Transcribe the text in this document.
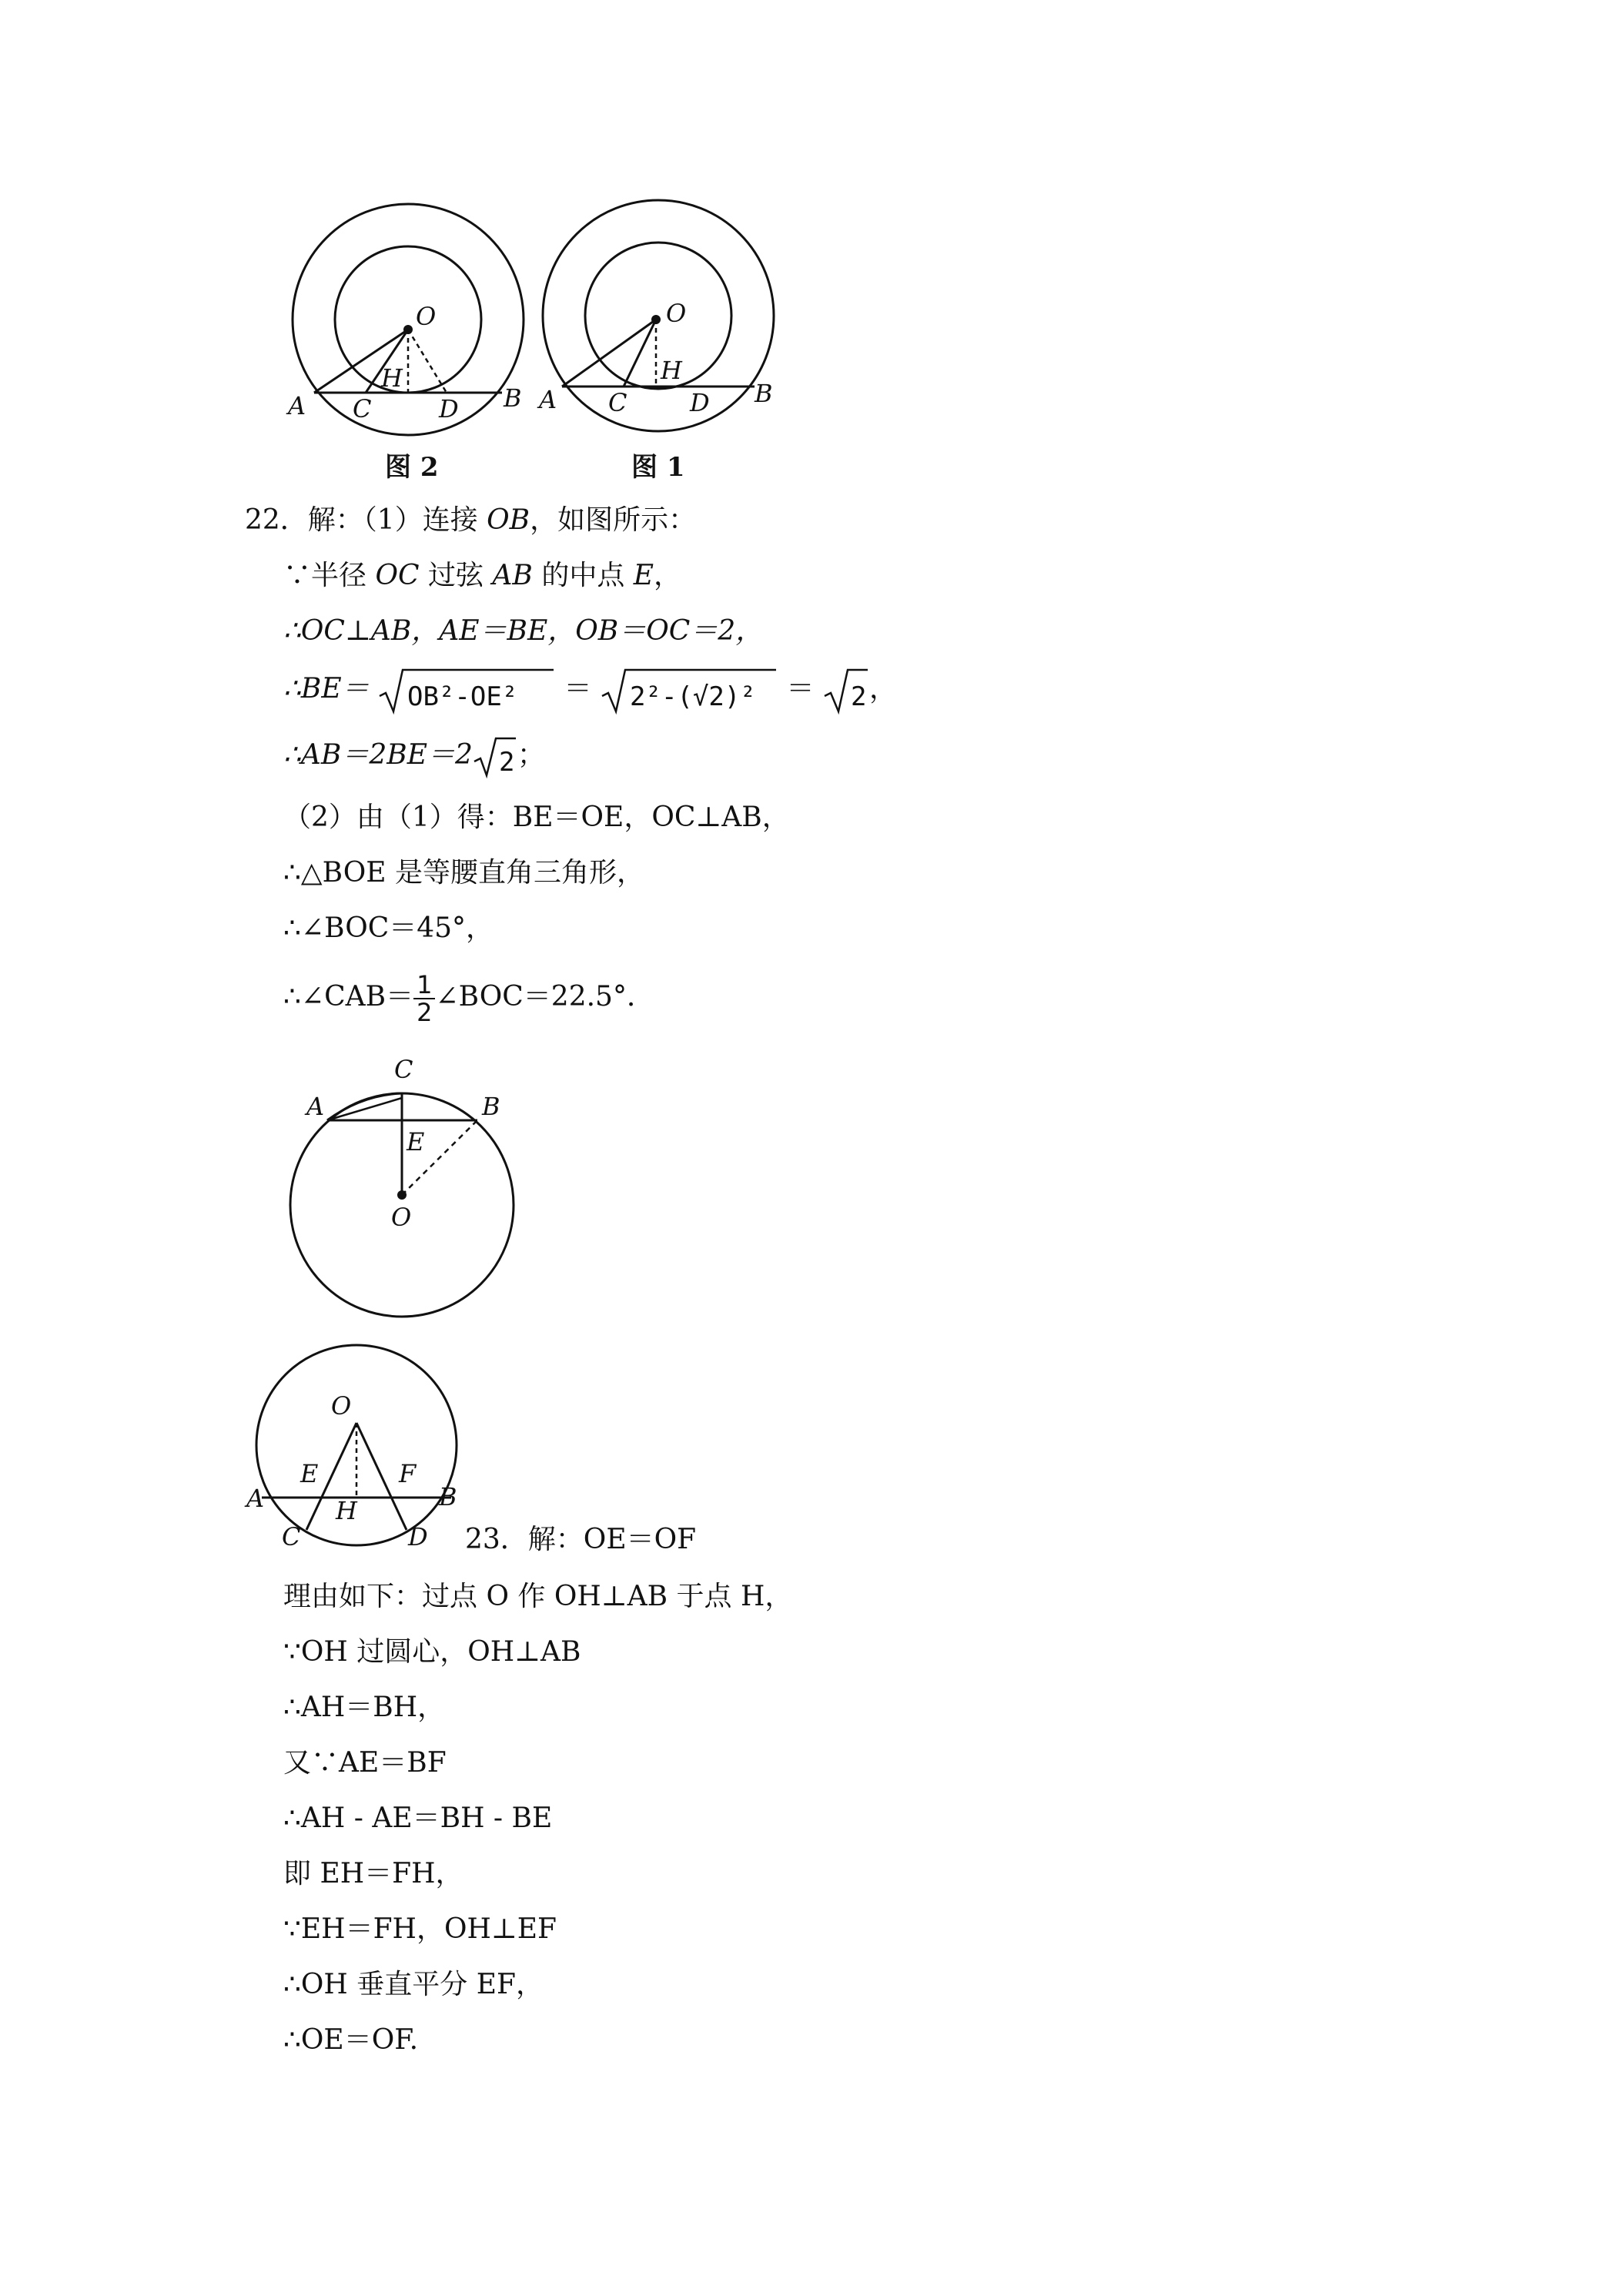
O
H
A C	D B
图 2
O
H
A C	D B
图 1
22．解：（1）连接 OB，如图所示：
∵半径 OC 过弦 AB 的中点 E，
∴OC⊥AB，AE＝BE，OB＝OC＝2，
∴BE＝ OB²-OE² ＝ 2²-(√2)² ＝ 2 ，
∴AB＝2BE＝2 2 ；
（2）由（1）得：BE＝OE，OC⊥AB，
∴△BOE 是等腰直角三角形，
∴∠BOC＝45°，
∴∠CAB＝ $\frac{1}{2}$ ∠BOC＝22.5°．
C
A	B
E
O
O
E	F
A	H	B
C	D 23．解：OE＝OF
理由如下：过点 O 作 OH⊥AB 于点 H，
∵OH 过圆心，OH⊥AB
∴AH＝BH，
又∵AE＝BF
∴AH - AE＝BH - BE
即 EH＝FH，
∵EH＝FH，OH⊥EF
∴OH 垂直平分 EF，
∴OE＝OF.
